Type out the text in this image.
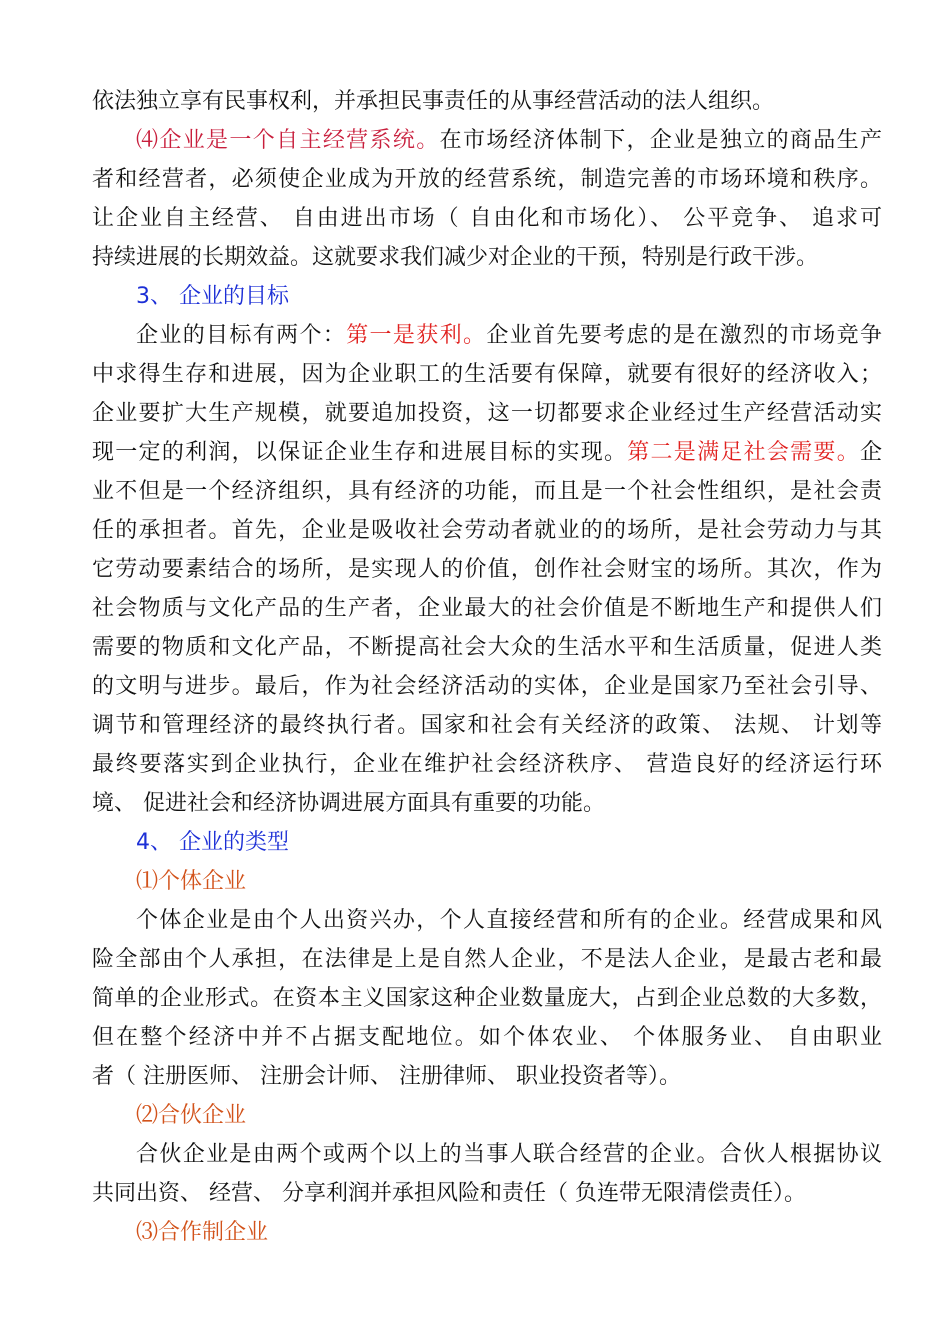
依法独立享有民事权利，并承担民事责任的从事经营活动的法人组织。
⑷企业是一个自主经营系统。在市场经济体制下，企业是独立的商品生产
者和经营者，必须使企业成为开放的经营系统，制造完善的市场环境和秩序。
让企业自主经营、 自由进出市场（ 自由化和市场化）、 公平竞争、 追求可
持续进展的长期效益。这就要求我们减少对企业的干预，特别是行政干涉。
3、 企业的目标
企业的目标有两个：第一是获利。企业首先要考虑的是在激烈的市场竞争
中求得生存和进展，因为企业职工的生活要有保障，就要有很好的经济收入；
企业要扩大生产规模，就要追加投资，这一切都要求企业经过生产经营活动实
现一定的利润，以保证企业生存和进展目标的实现。第二是满足社会需要。企
业不但是一个经济组织，具有经济的功能，而且是一个社会性组织，是社会责
任的承担者。首先，企业是吸收社会劳动者就业的的场所，是社会劳动力与其
它劳动要素结合的场所，是实现人的价值，创作社会财宝的场所。其次，作为
社会物质与文化产品的生产者，企业最大的社会价值是不断地生产和提供人们
需要的物质和文化产品，不断提高社会大众的生活水平和生活质量，促进人类
的文明与进步。最后，作为社会经济活动的实体，企业是国家乃至社会引导、
调节和管理经济的最终执行者。国家和社会有关经济的政策、 法规、 计划等
最终要落实到企业执行，企业在维护社会经济秩序、 营造良好的经济运行环
境、 促进社会和经济协调进展方面具有重要的功能。
4、 企业的类型
⑴个体企业
个体企业是由个人出资兴办，个人直接经营和所有的企业。经营成果和风
险全部由个人承担，在法律是上是自然人企业，不是法人企业，是最古老和最
简单的企业形式。在资本主义国家这种企业数量庞大，占到企业总数的大多数，
但在整个经济中并不占据支配地位。如个体农业、 个体服务业、 自由职业
者（ 注册医师、 注册会计师、 注册律师、 职业投资者等）。
⑵合伙企业
合伙企业是由两个或两个以上的当事人联合经营的企业。合伙人根据协议
共同出资、 经营、 分享利润并承担风险和责任（ 负连带无限清偿责任）。
⑶合作制企业
